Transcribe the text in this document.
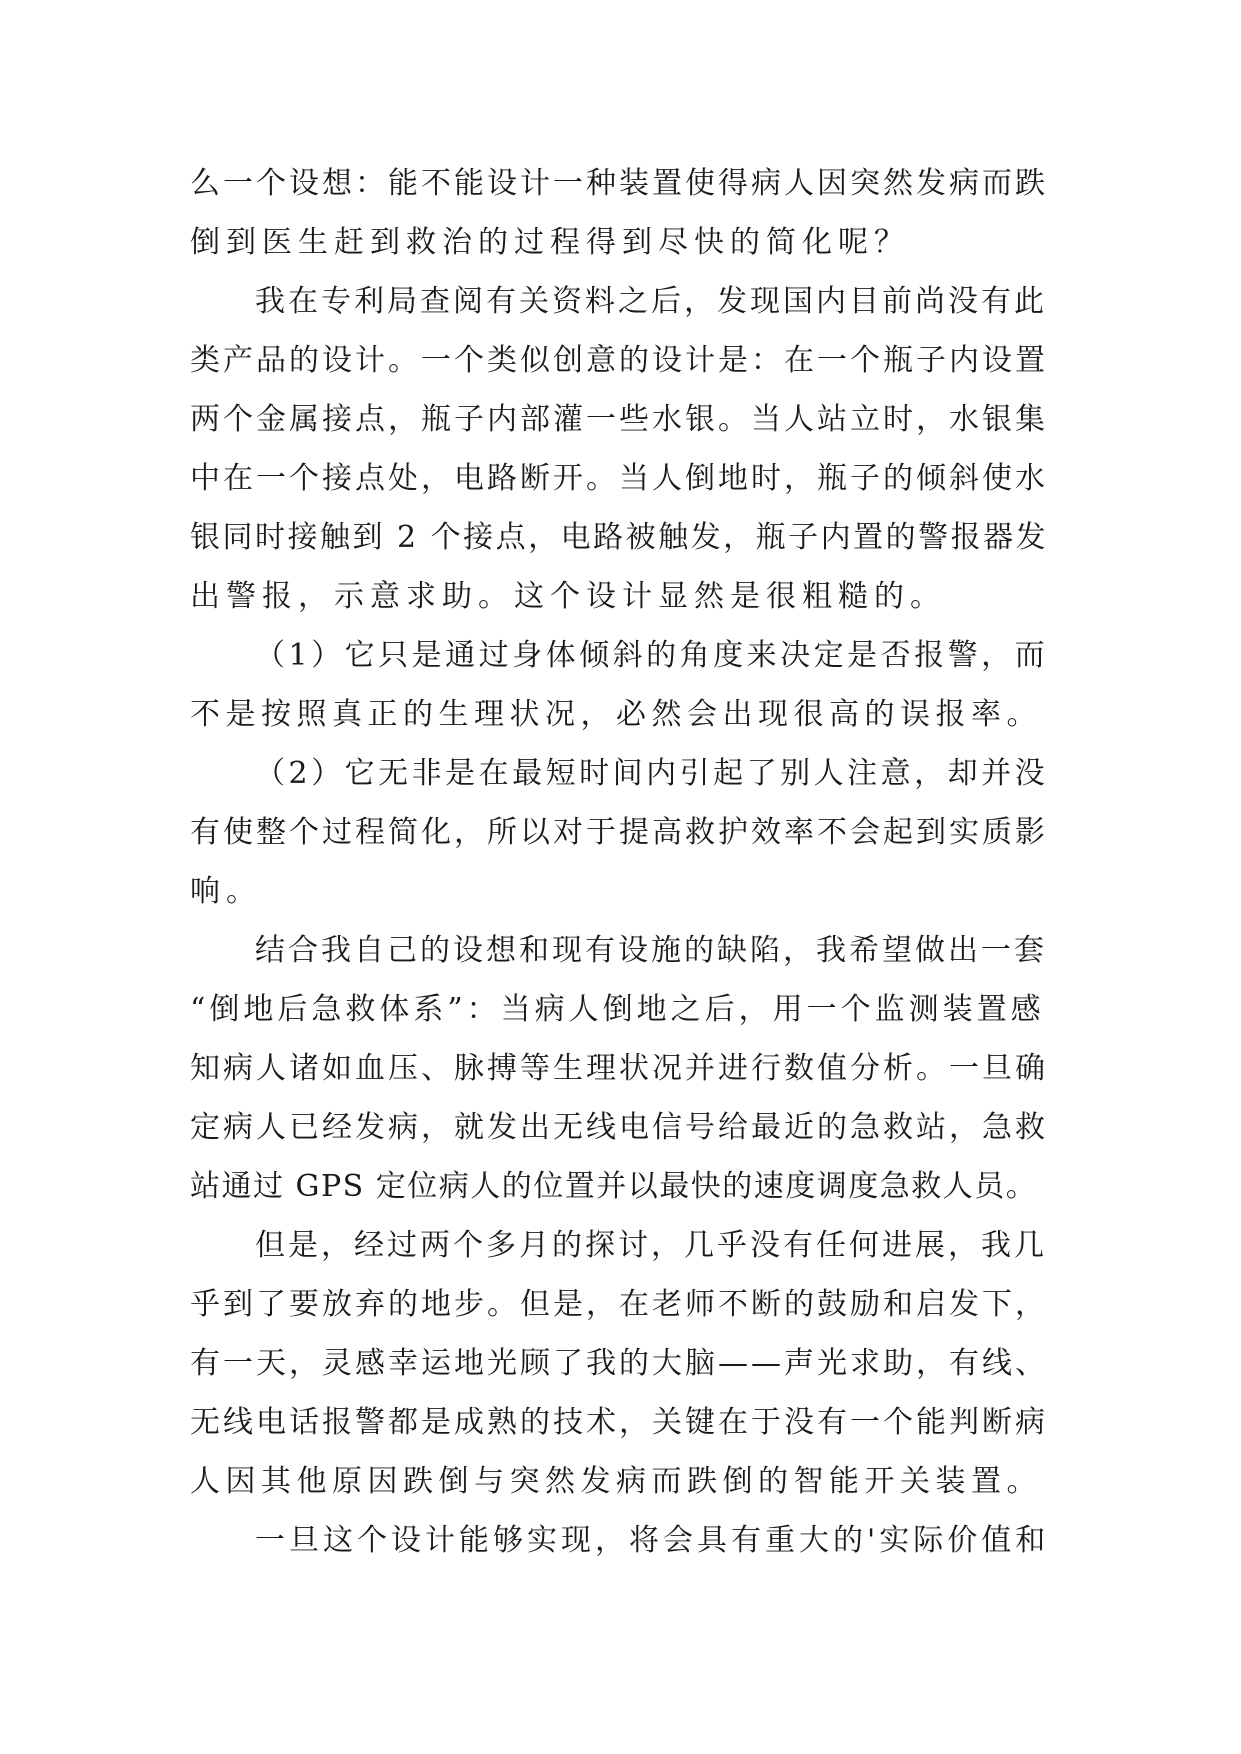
么一个设想：能不能设计一种装置使得病人因突然发病而跌
倒到医生赶到救治的过程得到尽快的简化呢？
我在专利局查阅有关资料之后，发现国内目前尚没有此
类产品的设计。一个类似创意的设计是：在一个瓶子内设置
两个金属接点，瓶子内部灌一些水银。当人站立时，水银集
中在一个接点处，电路断开。当人倒地时，瓶子的倾斜使水
银同时接触到 2 个接点，电路被触发，瓶子内置的警报器发
出警报，示意求助。这个设计显然是很粗糙的。
（1）它只是通过身体倾斜的角度来决定是否报警，而
不是按照真正的生理状况，必然会出现很高的误报率。
（2）它无非是在最短时间内引起了别人注意，却并没
有使整个过程简化，所以对于提高救护效率不会起到实质影
响。
结合我自己的设想和现有设施的缺陷，我希望做出一套
“倒地后急救体系”：当病人倒地之后，用一个监测装置感
知病人诸如血压、脉搏等生理状况并进行数值分析。一旦确
定病人已经发病，就发出无线电信号给最近的急救站，急救
站通过 GPS 定位病人的位置并以最快的速度调度急救人员。
但是，经过两个多月的探讨，几乎没有任何进展，我几
乎到了要放弃的地步。但是，在老师不断的鼓励和启发下，
有一天，灵感幸运地光顾了我的大脑——声光求助，有线、
无线电话报警都是成熟的技术，关键在于没有一个能判断病
人因其他原因跌倒与突然发病而跌倒的智能开关装置。
一旦这个设计能够实现，将会具有重大的'实际价值和
